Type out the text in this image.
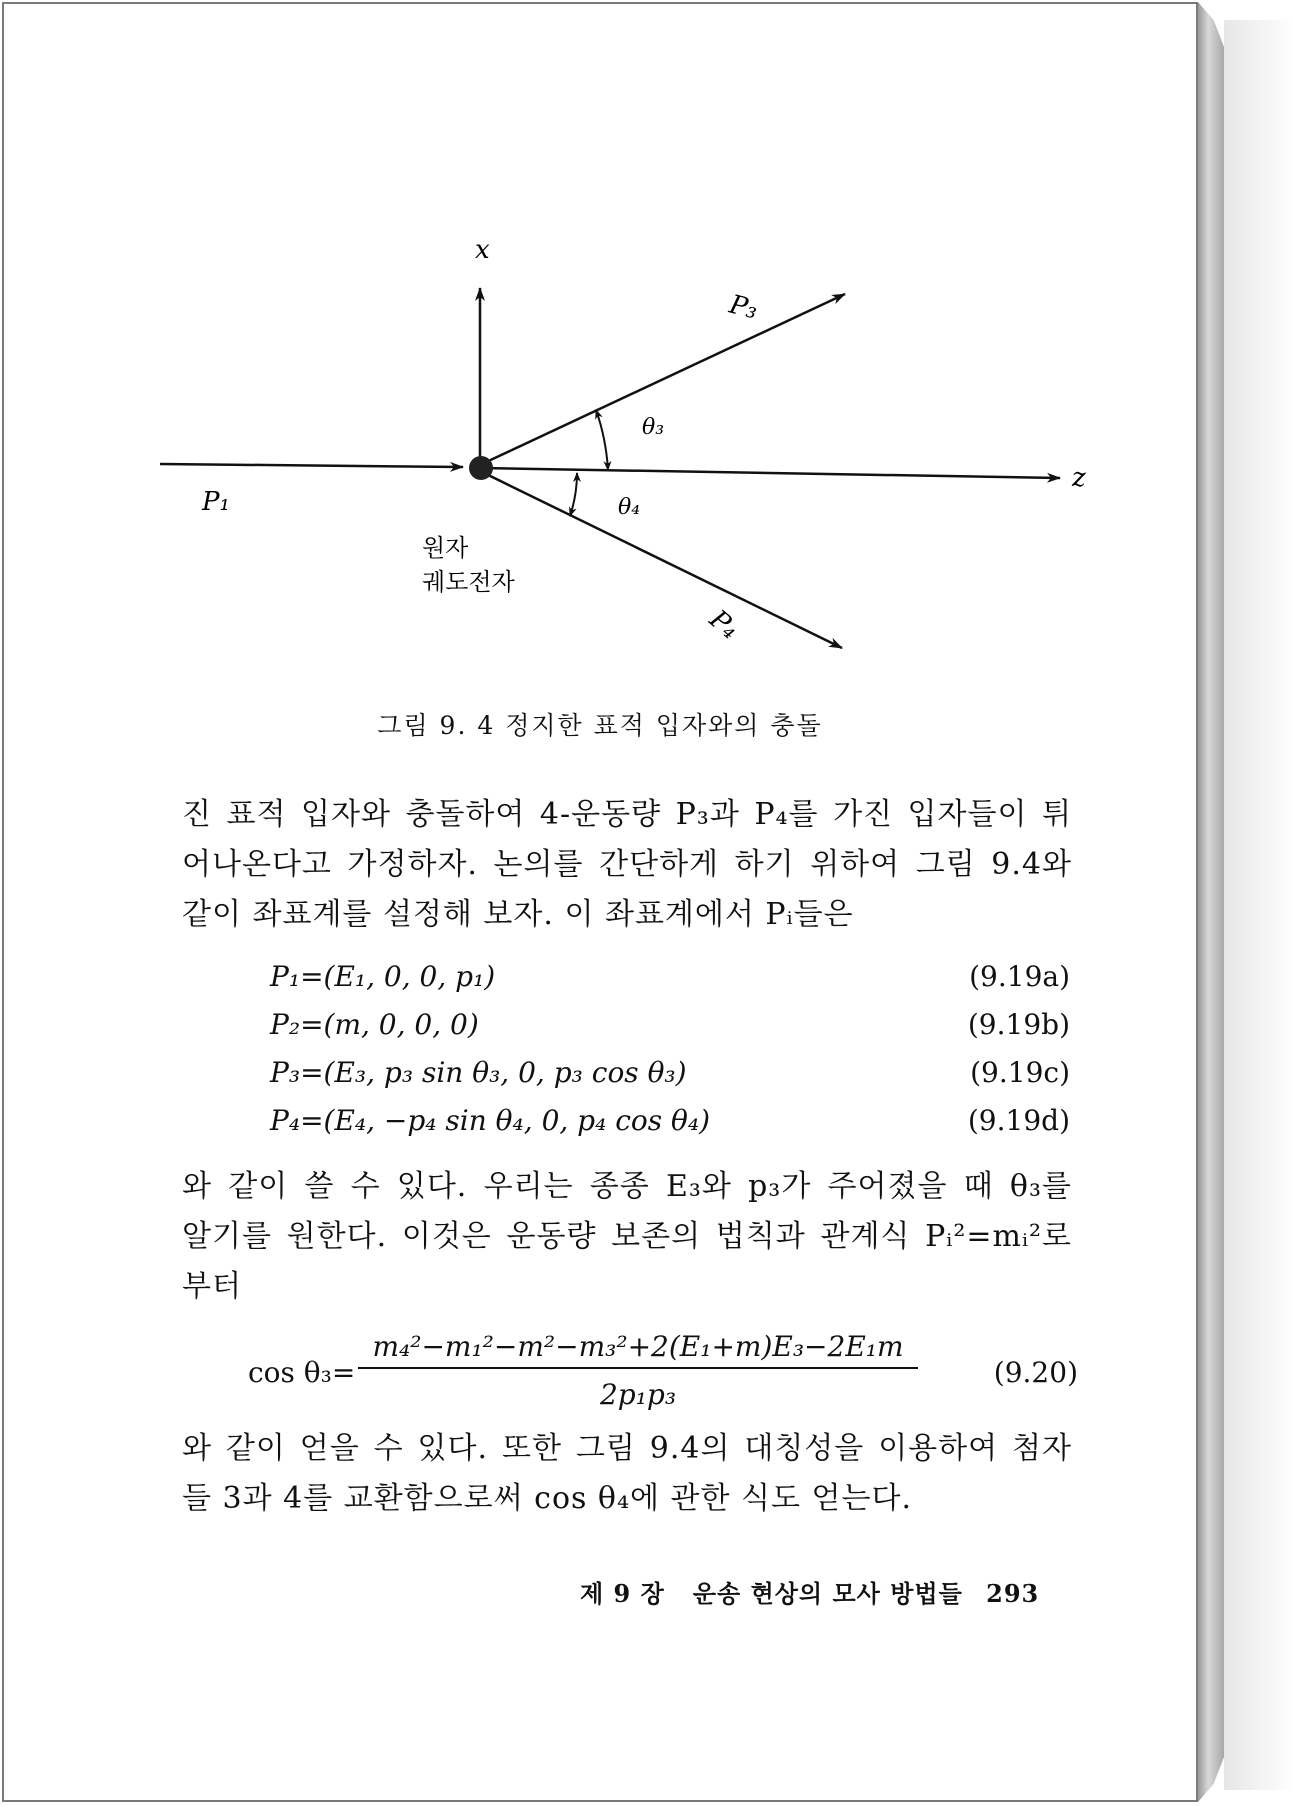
x
z
P₁
P₃
P₄
θ₃
θ₄
원자
궤도전자
그림 9. 4 정지한 표적 입자와의 충돌
진 표적 입자와 충돌하여 4-운동량 P₃과 P₄를 가진 입자들이 튀
어나온다고 가정하자. 논의를 간단하게 하기 위하여 그림 9.4와
같이 좌표계를 설정해 보자. 이 좌표계에서 Pᵢ들은
P₁=(E₁, 0, 0, p₁)	(9.19a)
P₂=(m, 0, 0, 0)	(9.19b)
P₃=(E₃, p₃ sin θ₃, 0, p₃ cos θ₃)	(9.19c)
P₄=(E₄, −p₄ sin θ₄, 0, p₄ cos θ₄)	(9.19d)
와 같이 쓸 수 있다. 우리는 종종 E₃와 p₃가 주어졌을 때 θ₃를
알기를 원한다. 이것은 운동량 보존의 법칙과 관계식 Pᵢ²=mᵢ²로
부터
cos θ₃=
m₄²−m₁²−m²−m₃²+2(E₁+m)E₃−2E₁m
2p₁p₃
(9.20)
와 같이 얻을 수 있다. 또한 그림 9.4의 대칭성을 이용하여 첨자
들 3과 4를 교환함으로써 cos θ₄에 관한 식도 얻는다.
제 9 장   운송 현상의 모사 방법들 293
